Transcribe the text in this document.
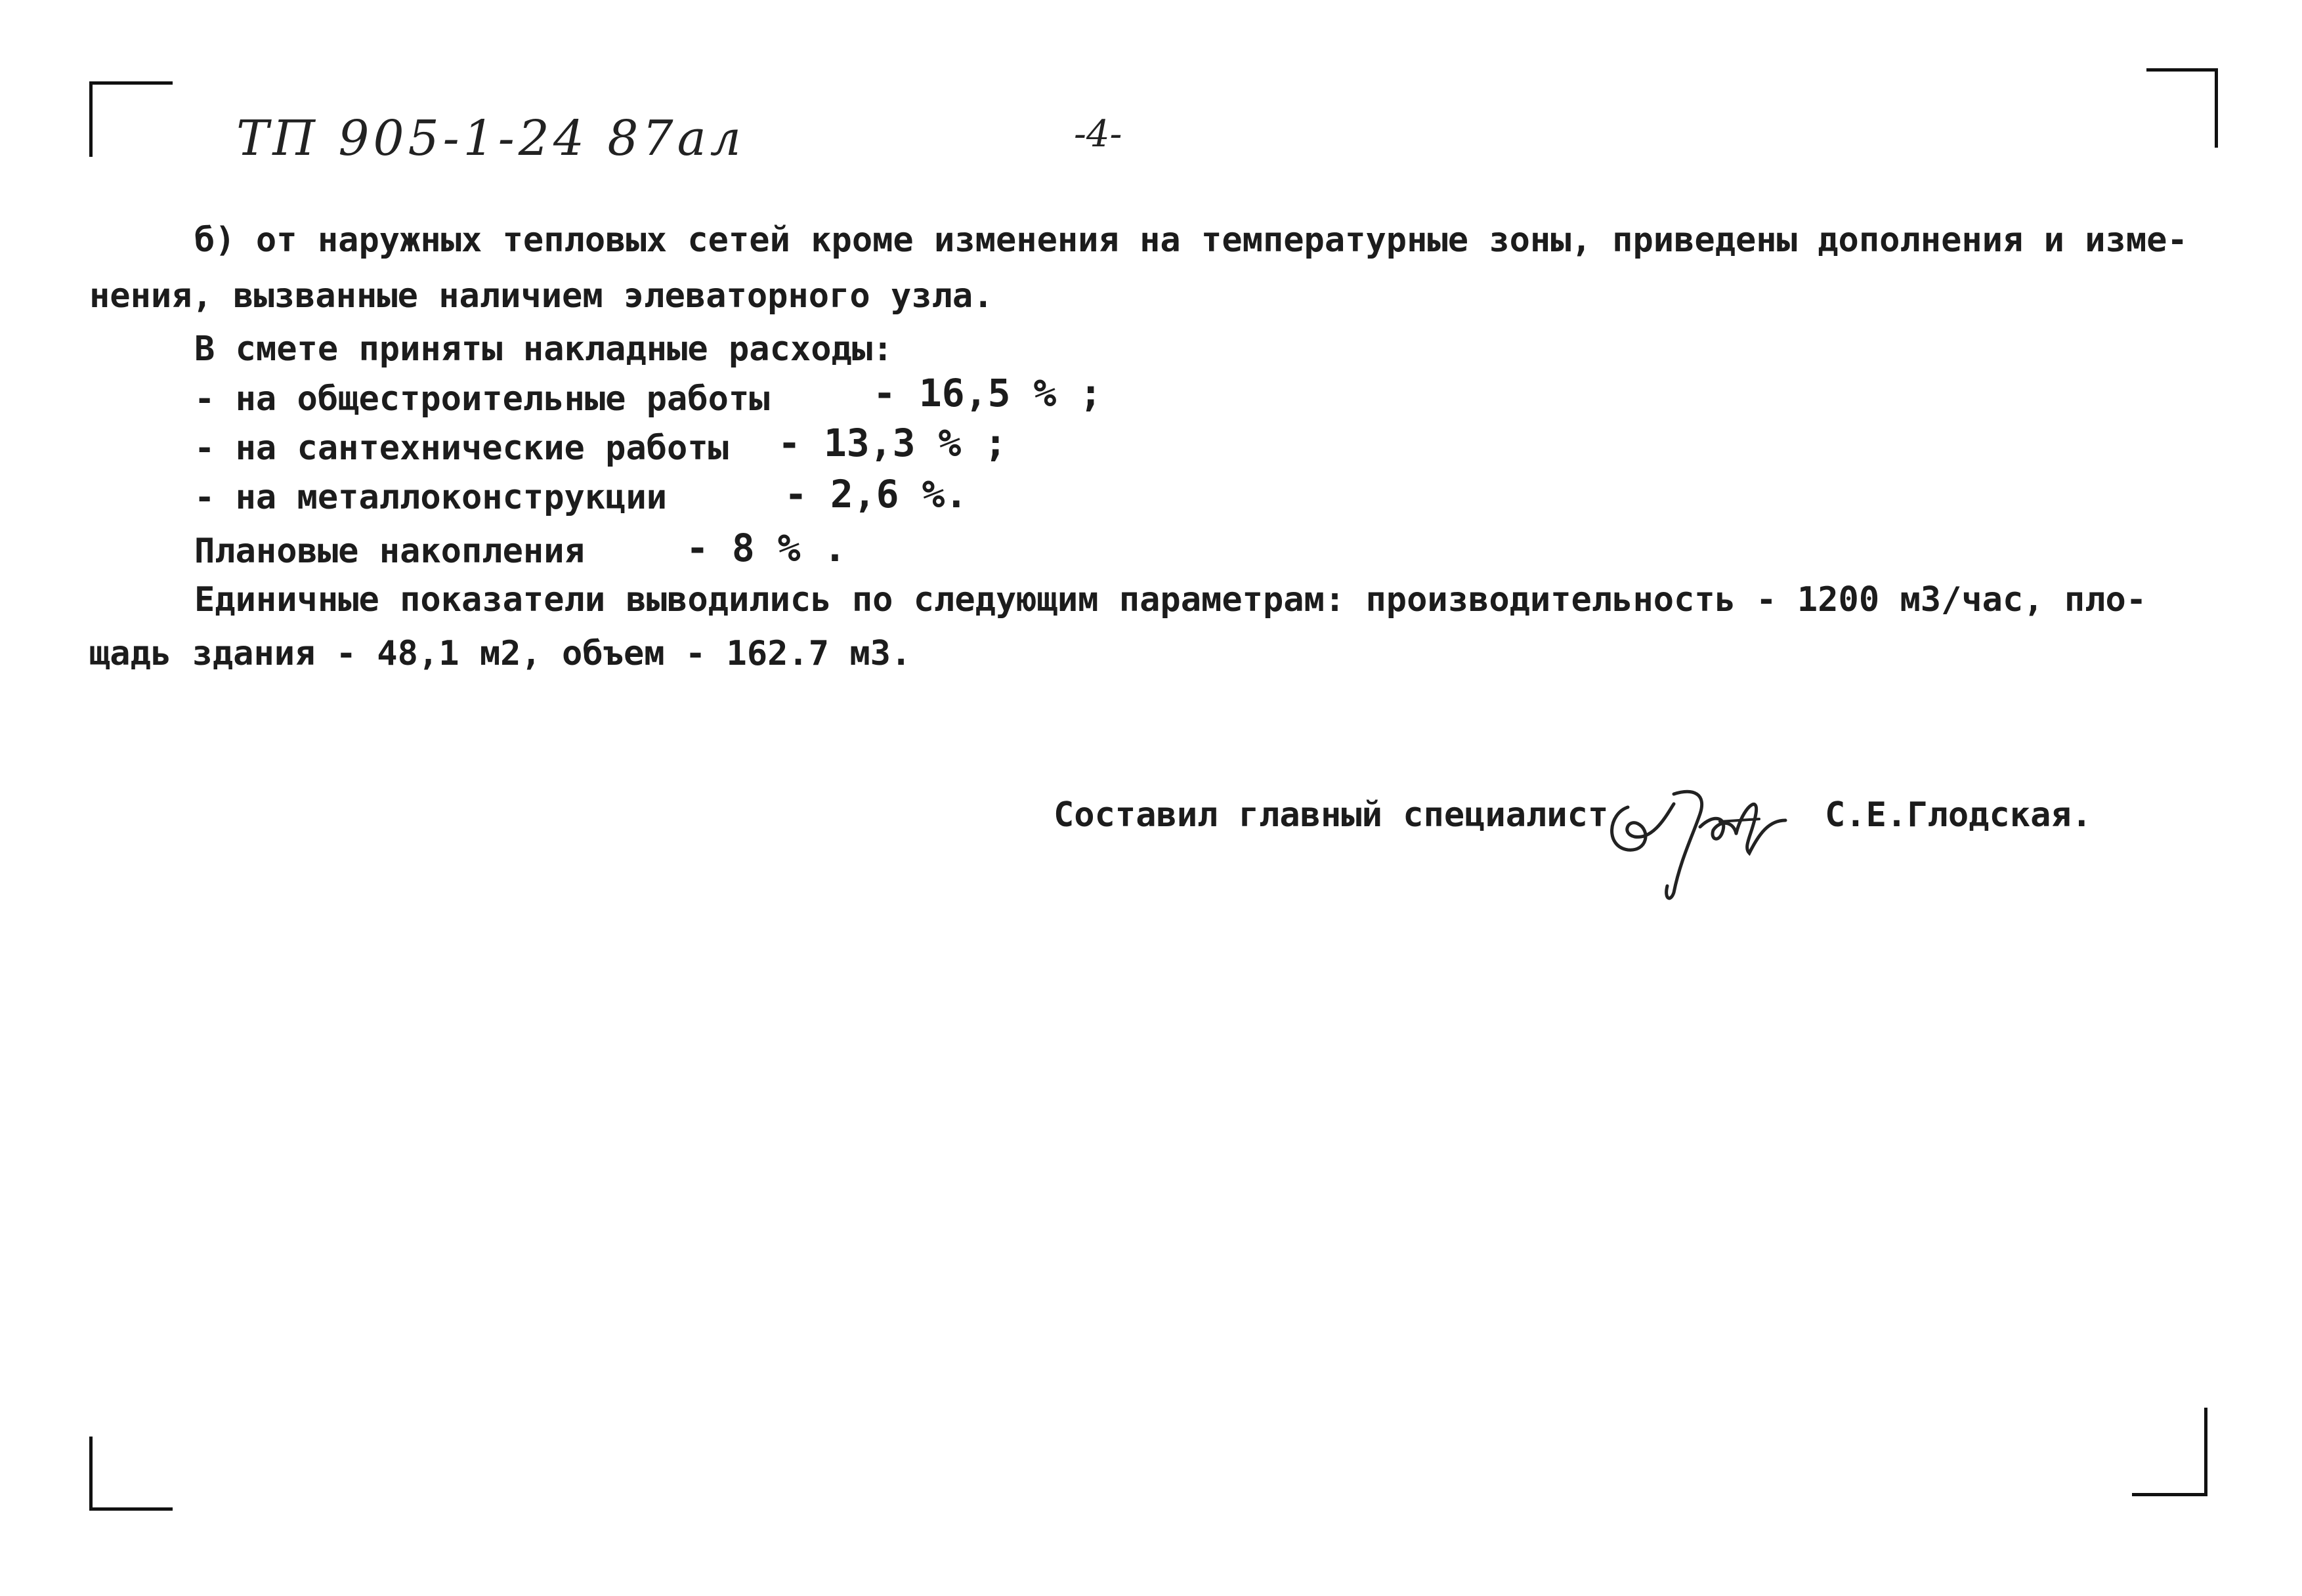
ТП 905-1-24 87ал	-4-
б) от наружных тепловых сетей кроме изменения на температурные зоны, приведены дополнения и изме-
нения, вызванные наличием элеваторного узла.
В смете приняты накладные расходы:
- на общестроительные работы
- на сантехнические работы
- на металлоконструкции
Плановые накопления
Единичные показатели выводились по следующим параметрам: производительность - 1200 м3/час, пло-
щадь здания - 48,1 м2, объем - 162.7 м3.
- 16,5 % ;
- 13,3 % ;
- 2,6 %.
- 8 % .
Составил главный специалист	С.Е.Глодская.
